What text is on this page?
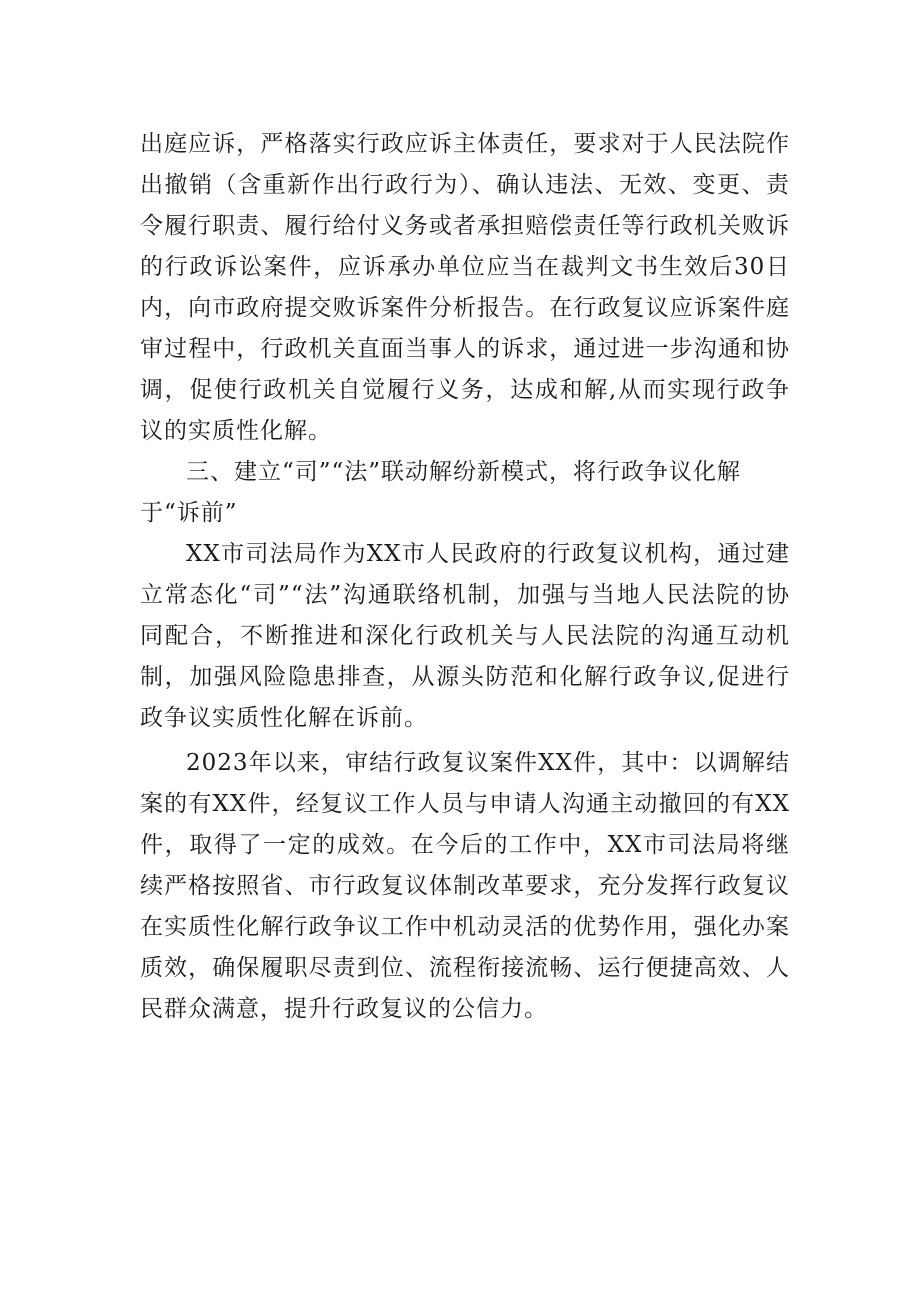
出庭应诉，严格落实行政应诉主体责任，要求对于人民法院作出撤销（含重新作出行政行为）、确认违法、无效、变更、责令履行职责、履行给付义务或者承担赔偿责任等行政机关败诉的行政诉讼案件，应诉承办单位应当在裁判文书生效后30日内，向市政府提交败诉案件分析报告。在行政复议应诉案件庭审过程中，行政机关直面当事人的诉求，通过进一步沟通和协调，促使行政机关自觉履行义务，达成和解,从而实现行政争议的实质性化解。

三、建立“司”“法”联动解纷新模式，将行政争议化解于“诉前”

XX市司法局作为XX市人民政府的行政复议机构，通过建立常态化“司”“法”沟通联络机制，加强与当地人民法院的协同配合，不断推进和深化行政机关与人民法院的沟通互动机制，加强风险隐患排查，从源头防范和化解行政争议,促进行政争议实质性化解在诉前。

2023年以来，审结行政复议案件XX件，其中：以调解结案的有XX件，经复议工作人员与申请人沟通主动撤回的有XX件，取得了一定的成效。在今后的工作中，XX市司法局将继续严格按照省、市行政复议体制改革要求，充分发挥行政复议在实质性化解行政争议工作中机动灵活的优势作用，强化办案质效，确保履职尽责到位、流程衔接流畅、运行便捷高效、人民群众满意，提升行政复议的公信力。
